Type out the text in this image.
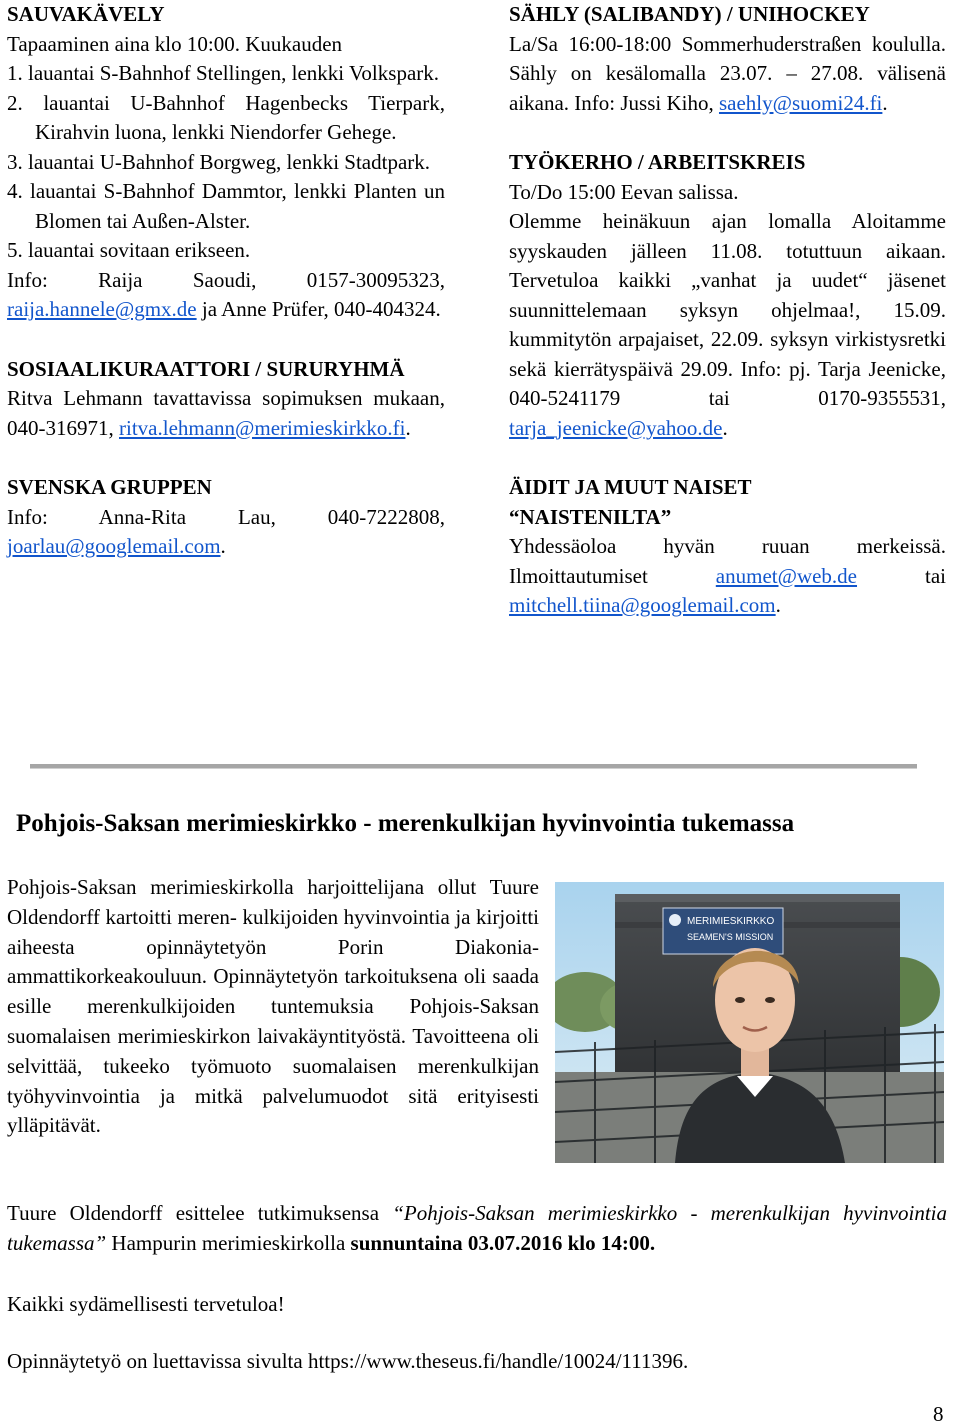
SAUVAKÄVELY

Tapaaminen aina klo 10:00. Kuukauden

1. lauantai S-Bahnhof Stellingen, lenkki Volkspark.

2. lauantai U-Bahnhof Hagenbecks Tierpark, Kirahvin luona, lenkki Niendorfer Gehege.

3. lauantai U-Bahnhof Borgweg, lenkki Stadtpark.

4. lauantai S-Bahnhof Dammtor, lenkki Planten un Blomen tai Außen-Alster.

5. lauantai sovitaan erikseen.

Info: Raija Saoudi, 0157-30095323, raija.hannele@gmx.de ja Anne Prüfer, 040-404324.

SOSIAALIKURAATTORI / SURURYHMÄ

Ritva Lehmann tavattavissa sopimuksen mukaan, 040-316971, ritva.lehmann@merimieskirkko.fi.

SVENSKA GRUPPEN

Info: Anna-Rita Lau, 040-7222808, joarlau@googlemail.com.

SÄHLY (SALIBANDY) / UNIHOCKEY

La/Sa 16:00-18:00 Sommerhuderstraßen koululla. Sähly on kesälomalla 23.07. – 27.08. välisenä aikana. Info: Jussi Kiho, saehly@suomi24.fi.

TYÖKERHO / ARBEITSKREIS

To/Do 15:00 Eevan salissa.

Olemme heinäkuun ajan lomalla Aloitamme syyskauden jälleen 11.08. totuttuun aikaan. Tervetuloa kaikki „vanhat ja uudet“ jäsenet suunnittelemaan syksyn ohjelmaa!, 15.09. kummitytön arpajaiset, 22.09. syksyn virkistysretki sekä kierrätyspäivä 29.09. Info: pj. Tarja Jeenicke, 040-5241179 tai 0170-9355531, tarja_jeenicke@yahoo.de.

ÄIDIT JA MUUT NAISET
“NAISTENILTA”

Yhdessäoloa hyvän ruuan merkeissä. Ilmoittautumiset anumet@web.de tai mitchell.tiina@googlemail.com.

Pohjois-Saksan merimieskirkko - merenkulkijan hyvinvointia tukemassa

Pohjois-Saksan merimieskirkolla harjoittelijana ollut Tuure Oldendorff kartoitti meren- kulkijoiden hyvinvointia ja kirjoitti aiheesta opinnäytetyön Porin Diakonia-ammattikorkeakouluun. Opinnäytetyön tarkoituksena oli saada esille merenkulkijoiden tuntemuksia Pohjois-Saksan suomalaisen merimieskirkon laivakäyntityöstä. Tavoitteena oli selvittää, tukeeko työmuoto suomalaisen merenkulkijan työhyvinvointia ja mitkä palvelumuodot sitä erityisesti ylläpitävät.

MERIMIESKIRKKO
SEAMEN'S MISSION

Tuure Oldendorff esittelee tutkimuksensa “Pohjois-Saksan merimieskirkko - merenkulkijan hyvinvointia tukemassa” Hampurin merimieskirkolla sunnuntaina 03.07.2016 klo 14:00.

Kaikki sydämellisesti tervetuloa!

Opinnäytetyö on luettavissa sivulta https://www.theseus.fi/handle/10024/111396.

8
